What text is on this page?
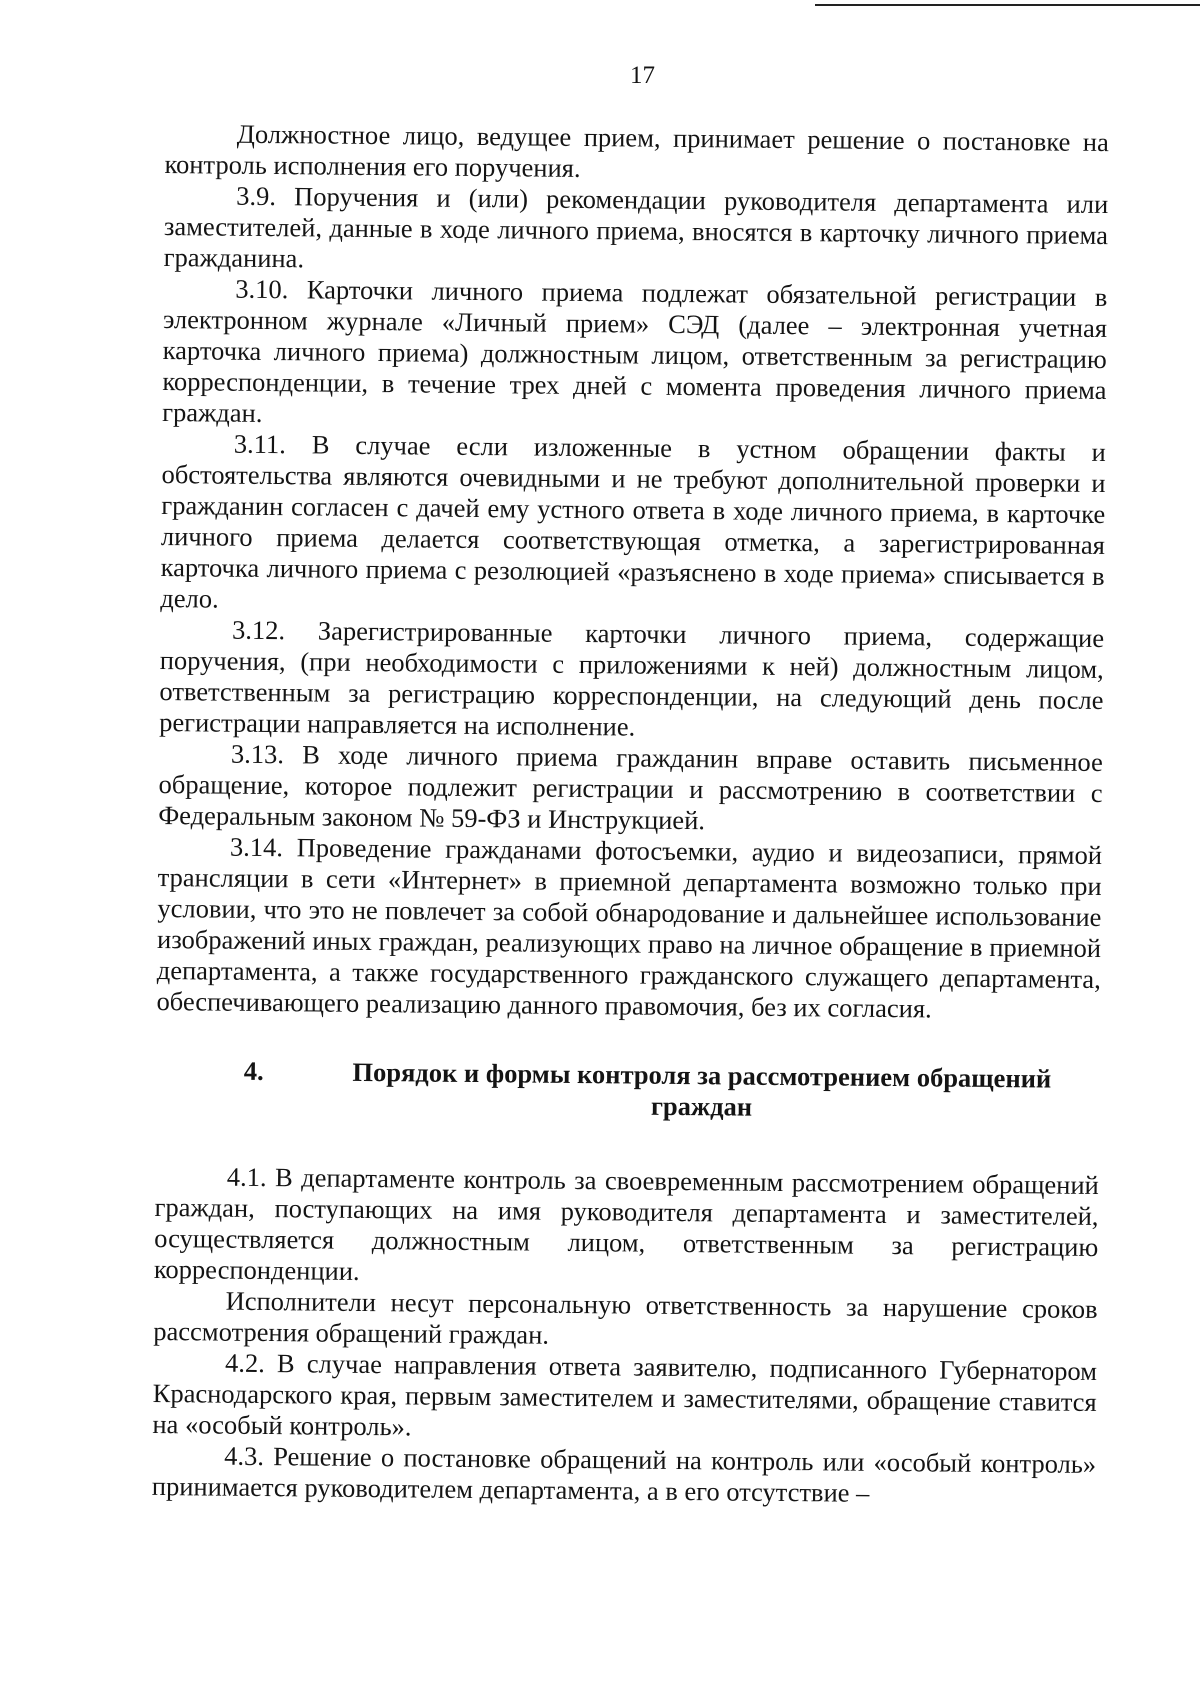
17

Должностное лицо, ведущее прием, принимает решение о постановке на контроль исполнения его поручения.

3.9. Поручения и (или) рекомендации руководителя департамента или заместителей, данные в ходе личного приема, вносятся в карточку личного приема гражданина.

3.10. Карточки личного приема подлежат обязательной регистрации в электронном журнале «Личный прием» СЭД (далее – электронная учетная карточка личного приема) должностным лицом, ответственным за регистрацию корреспонденции, в течение трех дней с момента проведения личного приема граждан.

3.11. В случае если изложенные в устном обращении факты и обстоятельства являются очевидными и не требуют дополнительной проверки и гражданин согласен с дачей ему устного ответа в ходе личного приема, в карточке личного приема делается соответствующая отметка, а зарегистрированная карточка личного приема с резолюцией «разъяснено в ходе приема» списывается в дело.

3.12. Зарегистрированные карточки личного приема, содержащие поручения, (при необходимости с приложениями к ней) должностным лицом, ответственным за регистрацию корреспонденции, на следующий день после регистрации направляется на исполнение.

3.13. В ходе личного приема гражданин вправе оставить письменное обращение, которое подлежит регистрации и рассмотрению в соответствии с Федеральным законом № 59-ФЗ и Инструкцией.

3.14. Проведение гражданами фотосъемки, аудио и видеозаписи, прямой трансляции в сети «Интернет» в приемной департамента возможно только при условии, что это не повлечет за собой обнародование и дальнейшее использование изображений иных граждан, реализующих право на личное обращение в приемной департамента, а также государственного гражданского служащего департамента, обеспечивающего реализацию данного правомочия, без их согласия.

4.	Порядок и формы контроля за рассмотрением обращений граждан

4.1. В департаменте контроль за своевременным рассмотрением обращений граждан, поступающих на имя руководителя департамента и заместителей, осуществляется должностным лицом, ответственным за регистрацию корреспонденции.

Исполнители несут персональную ответственность за нарушение сроков рассмотрения обращений граждан.

4.2. В случае направления ответа заявителю, подписанного Губернатором Краснодарского края, первым заместителем и заместителями, обращение ставится на «особый контроль».

4.3. Решение о постановке обращений на контроль или «особый контроль» принимается руководителем департамента, а в его отсутствие –
